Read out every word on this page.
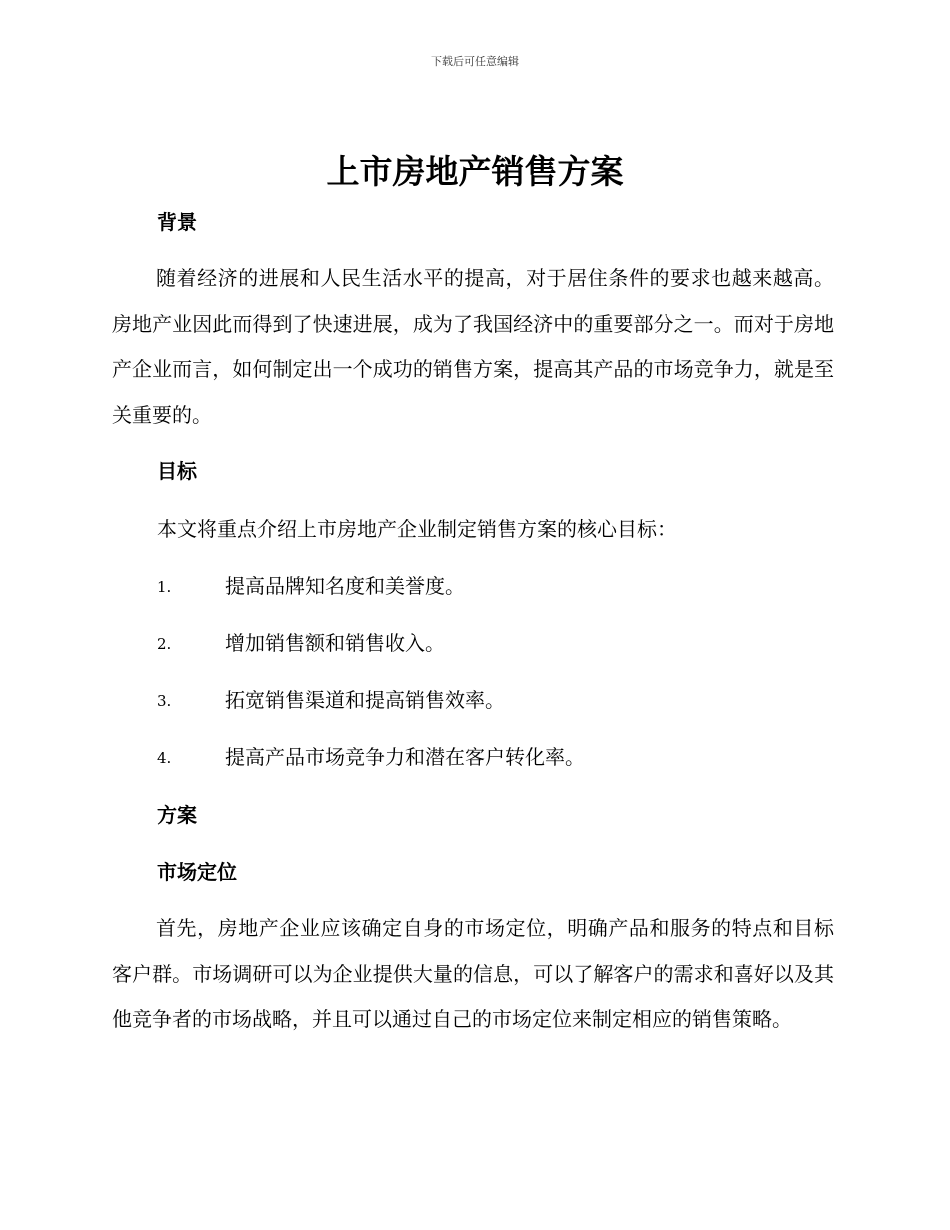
下载后可任意编辑
上市房地产销售方案
背景

随着经济的进展和人民生活水平的提高，对于居住条件的要求也越来越高。房地产业因此而得到了快速进展，成为了我国经济中的重要部分之一。而对于房地产企业而言，如何制定出一个成功的销售方案，提高其产品的市场竞争力，就是至关重要的。

目标
本文将重点介绍上市房地产企业制定销售方案的核心目标：
1.	提高品牌知名度和美誉度。
2.	增加销售额和销售收入。
3.	拓宽销售渠道和提高销售效率。
4.	提高产品市场竞争力和潜在客户转化率。
方案
市场定位

首先，房地产企业应该确定自身的市场定位，明确产品和服务的特点和目标客户群。市场调研可以为企业提供大量的信息，可以了解客户的需求和喜好以及其他竞争者的市场战略，并且可以通过自己的市场定位来制定相应的销售策略。
